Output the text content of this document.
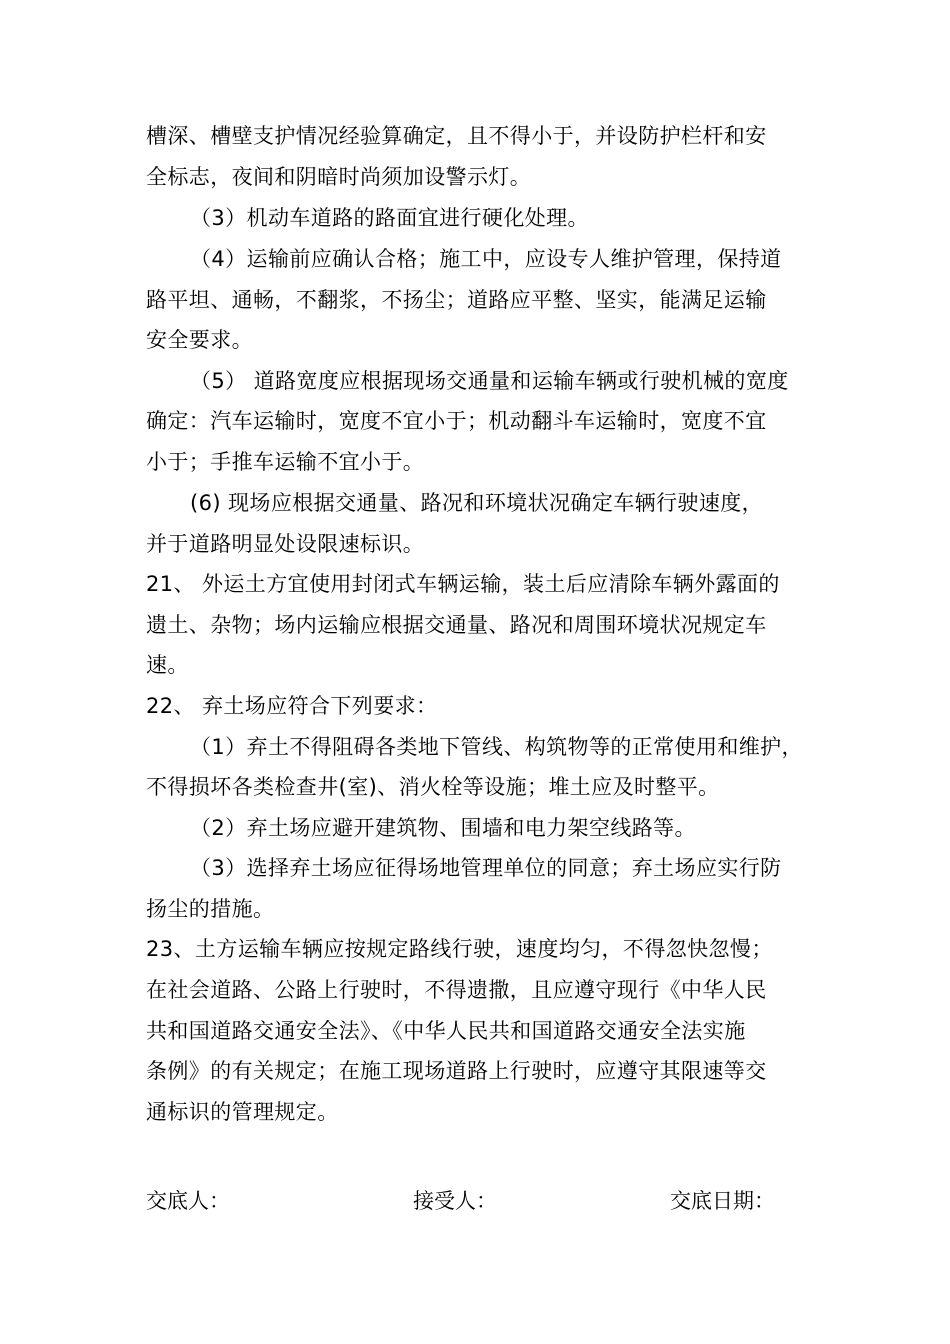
槽深、槽壁支护情况经验算确定，且不得小于，并设防护栏杆和安
全标志，夜间和阴暗时尚须加设警示灯。
（3）机动车道路的路面宜进行硬化处理。
（4）运输前应确认合格；施工中，应设专人维护管理，保持道
路平坦、通畅，不翻浆，不扬尘；道路应平整、坚实，能满足运输
安全要求。
（5） 道路宽度应根据现场交通量和运输车辆或行驶机械的宽度
确定：汽车运输时，宽度不宜小于；机动翻斗车运输时，宽度不宜
小于；手推车运输不宜小于。
(6) 现场应根据交通量、路况和环境状况确定车辆行驶速度，
并于道路明显处设限速标识。
21、 外运土方宜使用封闭式车辆运输，装土后应清除车辆外露面的
遗土、杂物；场内运输应根据交通量、路况和周围环境状况规定车
速。
22、 弃土场应符合下列要求：
（1）弃土不得阻碍各类地下管线、构筑物等的正常使用和维护，
不得损坏各类检查井(室)、消火栓等设施；堆土应及时整平。
（2）弃土场应避开建筑物、围墙和电力架空线路等。
（3）选择弃土场应征得场地管理单位的同意；弃土场应实行防
扬尘的措施。
23、土方运输车辆应按规定路线行驶，速度均匀，不得忽快忽慢；
在社会道路、公路上行驶时，不得遗撒，且应遵守现行《中华人民
共和国道路交通安全法》、《中华人民共和国道路交通安全法实施
条例》的有关规定；在施工现场道路上行驶时，应遵守其限速等交
通标识的管理规定。
交底人：	接受人：	交底日期：
